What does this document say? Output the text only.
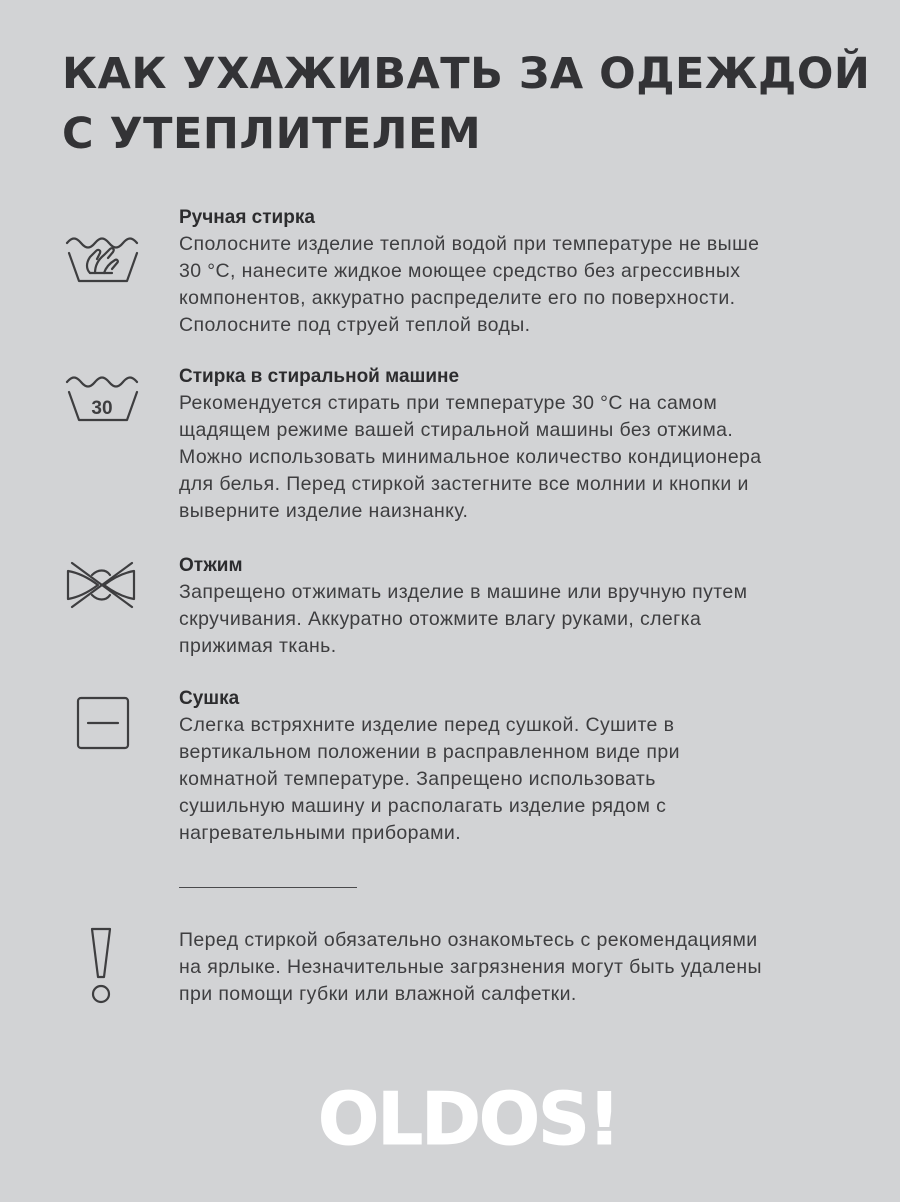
КАК УХАЖИВАТЬ ЗА ОДЕЖДОЙ
С УТЕПЛИТЕЛЕМ

Ручная стирка

Сполосните изделие теплой водой при температуре не выше
30 °С, нанесите жидкое моющее средство без агрессивных
компонентов, аккуратно распределите его по поверхности.
Сполосните под струей теплой воды.

30

Стирка в стиральной машине

Рекомендуется стирать при температуре 30 °С на самом
щадящем режиме вашей стиральной машины без отжима.
Можно использовать минимальное количество кондиционера
для белья. Перед стиркой застегните все молнии и кнопки и
выверните изделие наизнанку.

Отжим

Запрещено отжимать изделие в машине или вручную путем
скручивания. Аккуратно отожмите влагу руками, слегка
прижимая ткань.

Сушка

Слегка встряхните изделие перед сушкой. Сушите в
вертикальном положении в расправленном виде при
комнатной температуре. Запрещено использовать
сушильную машину и располагать изделие рядом с
нагревательными приборами.

Перед стиркой обязательно ознакомьтесь с рекомендациями
на ярлыке. Незначительные загрязнения могут быть удалены
при помощи губки или влажной салфетки.

OLDOS!
